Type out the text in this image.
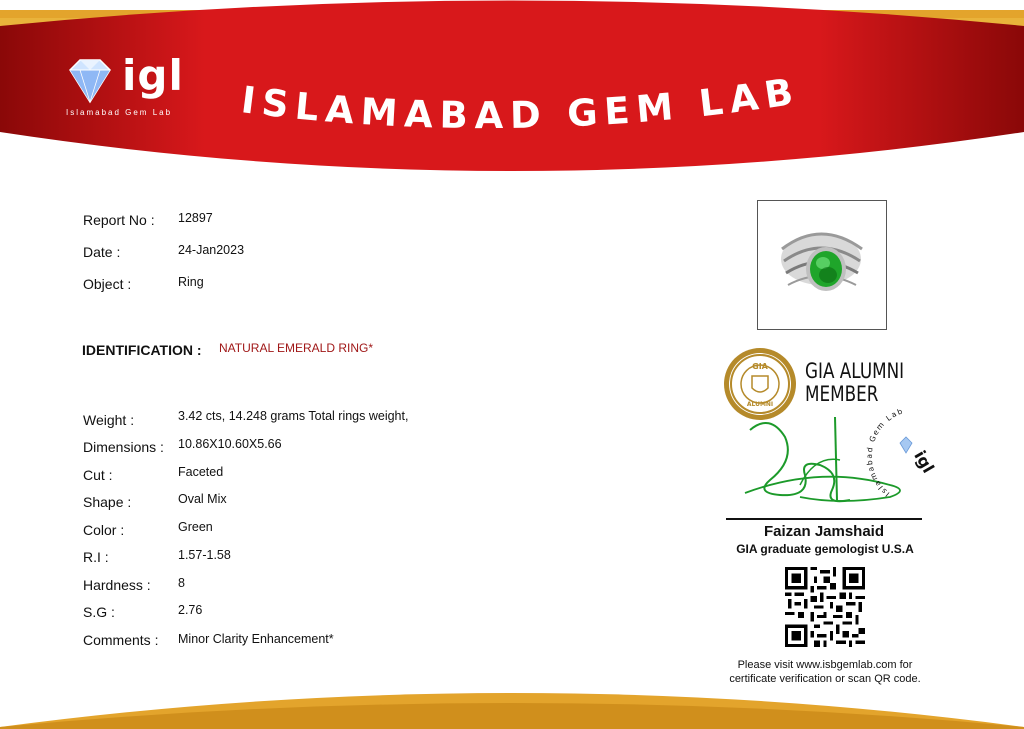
ISLAMABAD GEM LAB
igl
Islamabad Gem Lab
Report No : 12897
Date :	24-Jan2023
Object :	Ring
IDENTIFICATION : NATURAL EMERALD RING*
Weight :	3.42 cts, 14.248 grams Total rings weight,
Dimensions : 10.86X10.60X5.66
Cut :	Faceted
Shape :	Oval Mix
Color :	Green
R.I :	1.57-1.58
Hardness : 8
S.G :	2.76
Comments : Minor Clarity Enhancement*
GIA
ALUMNI
GIA ALUMNI
MEMBER
Islamabad Gem Lab
igl
Faizan Jamshaid
GIA graduate gemologist U.S.A
Please visit www.isbgemlab.com for
certificate verification or scan QR code.
